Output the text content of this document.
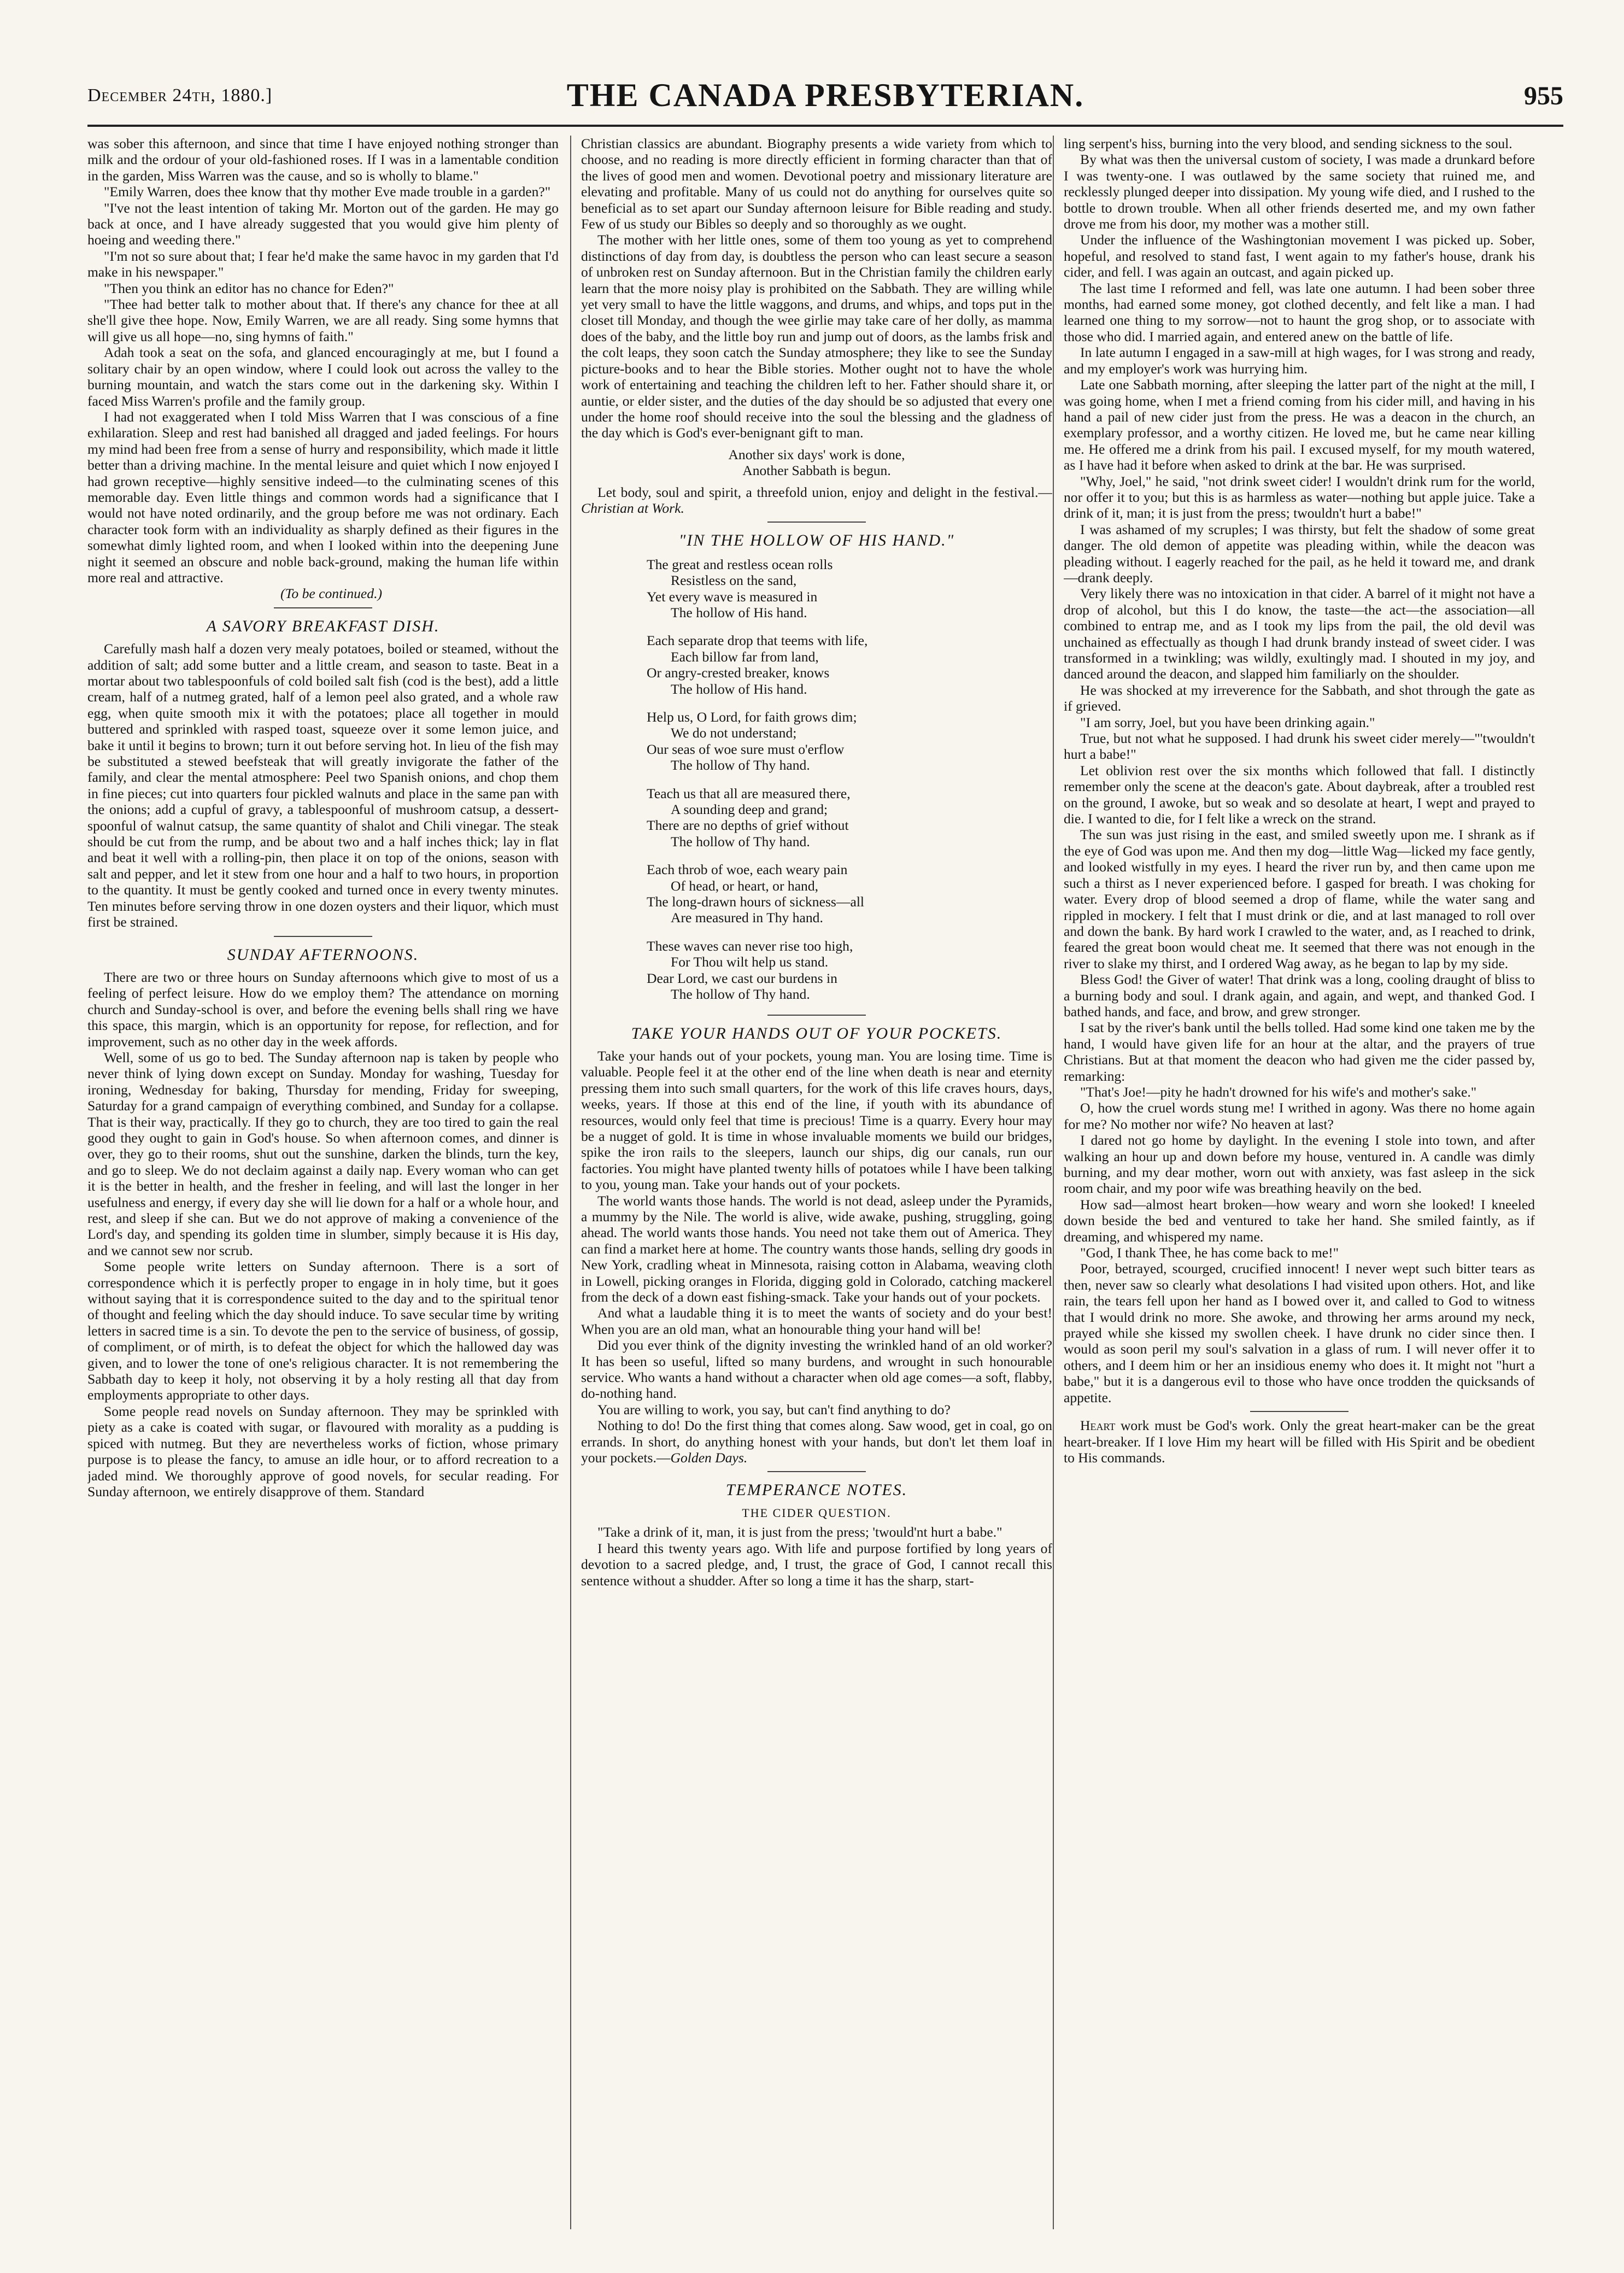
December 24th, 1880.]	THE CANADA PRESBYTERIAN.	955

was sober this afternoon, and since that time I have enjoyed nothing stronger than milk and the ordour of your old-fashioned roses. If I was in a lamentable condition in the garden, Miss Warren was the cause, and so is wholly to blame."

"Emily Warren, does thee know that thy mother Eve made trouble in a garden?"

"I've not the least intention of taking Mr. Morton out of the garden. He may go back at once, and I have already suggested that you would give him plenty of hoeing and weeding there."

"I'm not so sure about that; I fear he'd make the same havoc in my garden that I'd make in his newspaper."

"Then you think an editor has no chance for Eden?"

"Thee had better talk to mother about that. If there's any chance for thee at all she'll give thee hope. Now, Emily Warren, we are all ready. Sing some hymns that will give us all hope—no, sing hymns of faith."

Adah took a seat on the sofa, and glanced encouragingly at me, but I found a solitary chair by an open window, where I could look out across the valley to the burning mountain, and watch the stars come out in the darkening sky. Within I faced Miss Warren's profile and the family group.

I had not exaggerated when I told Miss Warren that I was conscious of a fine exhilaration. Sleep and rest had banished all dragged and jaded feelings. For hours my mind had been free from a sense of hurry and responsibility, which made it little better than a driving machine. In the mental leisure and quiet which I now enjoyed I had grown receptive—highly sensitive indeed—to the culminating scenes of this memorable day. Even little things and common words had a significance that I would not have noted ordinarily, and the group before me was not ordinary. Each character took form with an individuality as sharply defined as their figures in the somewhat dimly lighted room, and when I looked within into the deepening June night it seemed an obscure and noble back-ground, making the human life within more real and attractive.

(To be continued.)

A SAVORY BREAKFAST DISH.

Carefully mash half a dozen very mealy potatoes, boiled or steamed, without the addition of salt; add some butter and a little cream, and season to taste. Beat in a mortar about two tablespoonfuls of cold boiled salt fish (cod is the best), add a little cream, half of a nutmeg grated, half of a lemon peel also grated, and a whole raw egg, when quite smooth mix it with the potatoes; place all together in mould buttered and sprinkled with rasped toast, squeeze over it some lemon juice, and bake it until it begins to brown; turn it out before serving hot. In lieu of the fish may be substituted a stewed beefsteak that will greatly invigorate the father of the family, and clear the mental atmosphere: Peel two Spanish onions, and chop them in fine pieces; cut into quarters four pickled walnuts and place in the same pan with the onions; add a cupful of gravy, a tablespoonful of mushroom catsup, a dessert-spoonful of walnut catsup, the same quantity of shalot and Chili vinegar. The steak should be cut from the rump, and be about two and a half inches thick; lay in flat and beat it well with a rolling-pin, then place it on top of the onions, season with salt and pepper, and let it stew from one hour and a half to two hours, in proportion to the quantity. It must be gently cooked and turned once in every twenty minutes. Ten minutes before serving throw in one dozen oysters and their liquor, which must first be strained.

SUNDAY AFTERNOONS.

There are two or three hours on Sunday afternoons which give to most of us a feeling of perfect leisure. How do we employ them? The attendance on morning church and Sunday-school is over, and before the evening bells shall ring we have this space, this margin, which is an opportunity for repose, for reflection, and for improvement, such as no other day in the week affords.

Well, some of us go to bed. The Sunday afternoon nap is taken by people who never think of lying down except on Sunday. Monday for washing, Tuesday for ironing, Wednesday for baking, Thursday for mending, Friday for sweeping, Saturday for a grand campaign of everything combined, and Sunday for a collapse. That is their way, practically. If they go to church, they are too tired to gain the real good they ought to gain in God's house. So when afternoon comes, and dinner is over, they go to their rooms, shut out the sunshine, darken the blinds, turn the key, and go to sleep. We do not declaim against a daily nap. Every woman who can get it is the better in health, and the fresher in feeling, and will last the longer in her usefulness and energy, if every day she will lie down for a half or a whole hour, and rest, and sleep if she can. But we do not approve of making a convenience of the Lord's day, and spending its golden time in slumber, simply because it is His day, and we cannot sew nor scrub.

Some people write letters on Sunday afternoon. There is a sort of correspondence which it is perfectly proper to engage in in holy time, but it goes without saying that it is correspondence suited to the day and to the spiritual tenor of thought and feeling which the day should induce. To save secular time by writing letters in sacred time is a sin. To devote the pen to the service of business, of gossip, of compliment, or of mirth, is to defeat the object for which the hallowed day was given, and to lower the tone of one's religious character. It is not remembering the Sabbath day to keep it holy, not observing it by a holy resting all that day from employments appropriate to other days.

Some people read novels on Sunday afternoon. They may be sprinkled with piety as a cake is coated with sugar, or flavoured with morality as a pudding is spiced with nutmeg. But they are nevertheless works of fiction, whose primary purpose is to please the fancy, to amuse an idle hour, or to afford recreation to a jaded mind. We thoroughly approve of good novels, for secular reading. For Sunday afternoon, we entirely disapprove of them. Standard

Christian classics are abundant. Biography presents a wide variety from which to choose, and no reading is more directly efficient in forming character than that of the lives of good men and women. Devotional poetry and missionary literature are elevating and profitable. Many of us could not do anything for ourselves quite so beneficial as to set apart our Sunday afternoon leisure for Bible reading and study. Few of us study our Bibles so deeply and so thoroughly as we ought.

The mother with her little ones, some of them too young as yet to comprehend distinctions of day from day, is doubtless the person who can least secure a season of unbroken rest on Sunday afternoon. But in the Christian family the children early learn that the more noisy play is prohibited on the Sabbath. They are willing while yet very small to have the little waggons, and drums, and whips, and tops put in the closet till Monday, and though the wee girlie may take care of her dolly, as mamma does of the baby, and the little boy run and jump out of doors, as the lambs frisk and the colt leaps, they soon catch the Sunday atmosphere; they like to see the Sunday picture-books and to hear the Bible stories. Mother ought not to have the whole work of entertaining and teaching the children left to her. Father should share it, or auntie, or elder sister, and the duties of the day should be so adjusted that every one under the home roof should receive into the soul the blessing and the gladness of the day which is God's ever-benignant gift to man.

Another six days' work is done,
Another Sabbath is begun.

Let body, soul and spirit, a threefold union, enjoy and delight in the festival.—Christian at Work.

"IN THE HOLLOW OF HIS HAND."
The great and restless ocean rolls
Resistless on the sand,
Yet every wave is measured in
The hollow of His hand.
Each separate drop that teems with life,
Each billow far from land,
Or angry-crested breaker, knows
The hollow of His hand.
Help us, O Lord, for faith grows dim;
We do not understand;
Our seas of woe sure must o'erflow
The hollow of Thy hand.
Teach us that all are measured there,
A sounding deep and grand;
There are no depths of grief without
The hollow of Thy hand.
Each throb of woe, each weary pain
Of head, or heart, or hand,
The long-drawn hours of sickness—all
Are measured in Thy hand.
These waves can never rise too high,
For Thou wilt help us stand.
Dear Lord, we cast our burdens in
The hollow of Thy hand.
TAKE YOUR HANDS OUT OF YOUR POCKETS.

Take your hands out of your pockets, young man. You are losing time. Time is valuable. People feel it at the other end of the line when death is near and eternity pressing them into such small quarters, for the work of this life craves hours, days, weeks, years. If those at this end of the line, if youth with its abundance of resources, would only feel that time is precious! Time is a quarry. Every hour may be a nugget of gold. It is time in whose invaluable moments we build our bridges, spike the iron rails to the sleepers, launch our ships, dig our canals, run our factories. You might have planted twenty hills of potatoes while I have been talking to you, young man. Take your hands out of your pockets.

The world wants those hands. The world is not dead, asleep under the Pyramids, a mummy by the Nile. The world is alive, wide awake, pushing, struggling, going ahead. The world wants those hands. You need not take them out of America. They can find a market here at home. The country wants those hands, selling dry goods in New York, cradling wheat in Minnesota, raising cotton in Alabama, weaving cloth in Lowell, picking oranges in Florida, digging gold in Colorado, catching mackerel from the deck of a down east fishing-smack. Take your hands out of your pockets.

And what a laudable thing it is to meet the wants of society and do your best! When you are an old man, what an honourable thing your hand will be!

Did you ever think of the dignity investing the wrinkled hand of an old worker? It has been so useful, lifted so many burdens, and wrought in such honourable service. Who wants a hand without a character when old age comes—a soft, flabby, do-nothing hand.

You are willing to work, you say, but can't find anything to do?

Nothing to do! Do the first thing that comes along. Saw wood, get in coal, go on errands. In short, do anything honest with your hands, but don't let them loaf in your pockets.—Golden Days.

TEMPERANCE NOTES.
THE CIDER QUESTION.

"Take a drink of it, man, it is just from the press; 'twould'nt hurt a babe."

I heard this twenty years ago. With life and purpose fortified by long years of devotion to a sacred pledge, and, I trust, the grace of God, I cannot recall this sentence without a shudder. After so long a time it has the sharp, start-

ling serpent's hiss, burning into the very blood, and sending sickness to the soul.

By what was then the universal custom of society, I was made a drunkard before I was twenty-one. I was outlawed by the same society that ruined me, and recklessly plunged deeper into dissipation. My young wife died, and I rushed to the bottle to drown trouble. When all other friends deserted me, and my own father drove me from his door, my mother was a mother still.

Under the influence of the Washingtonian movement I was picked up. Sober, hopeful, and resolved to stand fast, I went again to my father's house, drank his cider, and fell. I was again an outcast, and again picked up.

The last time I reformed and fell, was late one autumn. I had been sober three months, had earned some money, got clothed decently, and felt like a man. I had learned one thing to my sorrow—not to haunt the grog shop, or to associate with those who did. I married again, and entered anew on the battle of life.

In late autumn I engaged in a saw-mill at high wages, for I was strong and ready, and my employer's work was hurrying him.

Late one Sabbath morning, after sleeping the latter part of the night at the mill, I was going home, when I met a friend coming from his cider mill, and having in his hand a pail of new cider just from the press. He was a deacon in the church, an exemplary professor, and a worthy citizen. He loved me, but he came near killing me. He offered me a drink from his pail. I excused myself, for my mouth watered, as I have had it before when asked to drink at the bar. He was surprised.

"Why, Joel," he said, "not drink sweet cider! I wouldn't drink rum for the world, nor offer it to you; but this is as harmless as water—nothing but apple juice. Take a drink of it, man; it is just from the press; twouldn't hurt a babe!"

I was ashamed of my scruples; I was thirsty, but felt the shadow of some great danger. The old demon of appetite was pleading within, while the deacon was pleading without. I eagerly reached for the pail, as he held it toward me, and drank—drank deeply.

Very likely there was no intoxication in that cider. A barrel of it might not have a drop of alcohol, but this I do know, the taste—the act—the association—all combined to entrap me, and as I took my lips from the pail, the old devil was unchained as effectually as though I had drunk brandy instead of sweet cider. I was transformed in a twinkling; was wildly, exultingly mad. I shouted in my joy, and danced around the deacon, and slapped him familiarly on the shoulder.

He was shocked at my irreverence for the Sabbath, and shot through the gate as if grieved.

"I am sorry, Joel, but you have been drinking again."

True, but not what he supposed. I had drunk his sweet cider merely—"'twouldn't hurt a babe!"

Let oblivion rest over the six months which followed that fall. I distinctly remember only the scene at the deacon's gate. About daybreak, after a troubled rest on the ground, I awoke, but so weak and so desolate at heart, I wept and prayed to die. I wanted to die, for I felt like a wreck on the strand.

The sun was just rising in the east, and smiled sweetly upon me. I shrank as if the eye of God was upon me. And then my dog—little Wag—licked my face gently, and looked wistfully in my eyes. I heard the river run by, and then came upon me such a thirst as I never experienced before. I gasped for breath. I was choking for water. Every drop of blood seemed a drop of flame, while the water sang and rippled in mockery. I felt that I must drink or die, and at last managed to roll over and down the bank. By hard work I crawled to the water, and, as I reached to drink, feared the great boon would cheat me. It seemed that there was not enough in the river to slake my thirst, and I ordered Wag away, as he began to lap by my side.

Bless God! the Giver of water! That drink was a long, cooling draught of bliss to a burning body and soul. I drank again, and again, and wept, and thanked God. I bathed hands, and face, and brow, and grew stronger.

I sat by the river's bank until the bells tolled. Had some kind one taken me by the hand, I would have given life for an hour at the altar, and the prayers of true Christians. But at that moment the deacon who had given me the cider passed by, remarking:

"That's Joe!—pity he hadn't drowned for his wife's and mother's sake."

O, how the cruel words stung me! I writhed in agony. Was there no home again for me? No mother nor wife? No heaven at last?

I dared not go home by daylight. In the evening I stole into town, and after walking an hour up and down before my house, ventured in. A candle was dimly burning, and my dear mother, worn out with anxiety, was fast asleep in the sick room chair, and my poor wife was breathing heavily on the bed.

How sad—almost heart broken—how weary and worn she looked! I kneeled down beside the bed and ventured to take her hand. She smiled faintly, as if dreaming, and whispered my name.

"God, I thank Thee, he has come back to me!"

Poor, betrayed, scourged, crucified innocent! I never wept such bitter tears as then, never saw so clearly what desolations I had visited upon others. Hot, and like rain, the tears fell upon her hand as I bowed over it, and called to God to witness that I would drink no more. She awoke, and throwing her arms around my neck, prayed while she kissed my swollen cheek. I have drunk no cider since then. I would as soon peril my soul's salvation in a glass of rum. I will never offer it to others, and I deem him or her an insidious enemy who does it. It might not "hurt a babe," but it is a dangerous evil to those who have once trodden the quicksands of appetite.

Heart work must be God's work. Only the great heart-maker can be the great heart-breaker. If I love Him my heart will be filled with His Spirit and be obedient to His commands.
